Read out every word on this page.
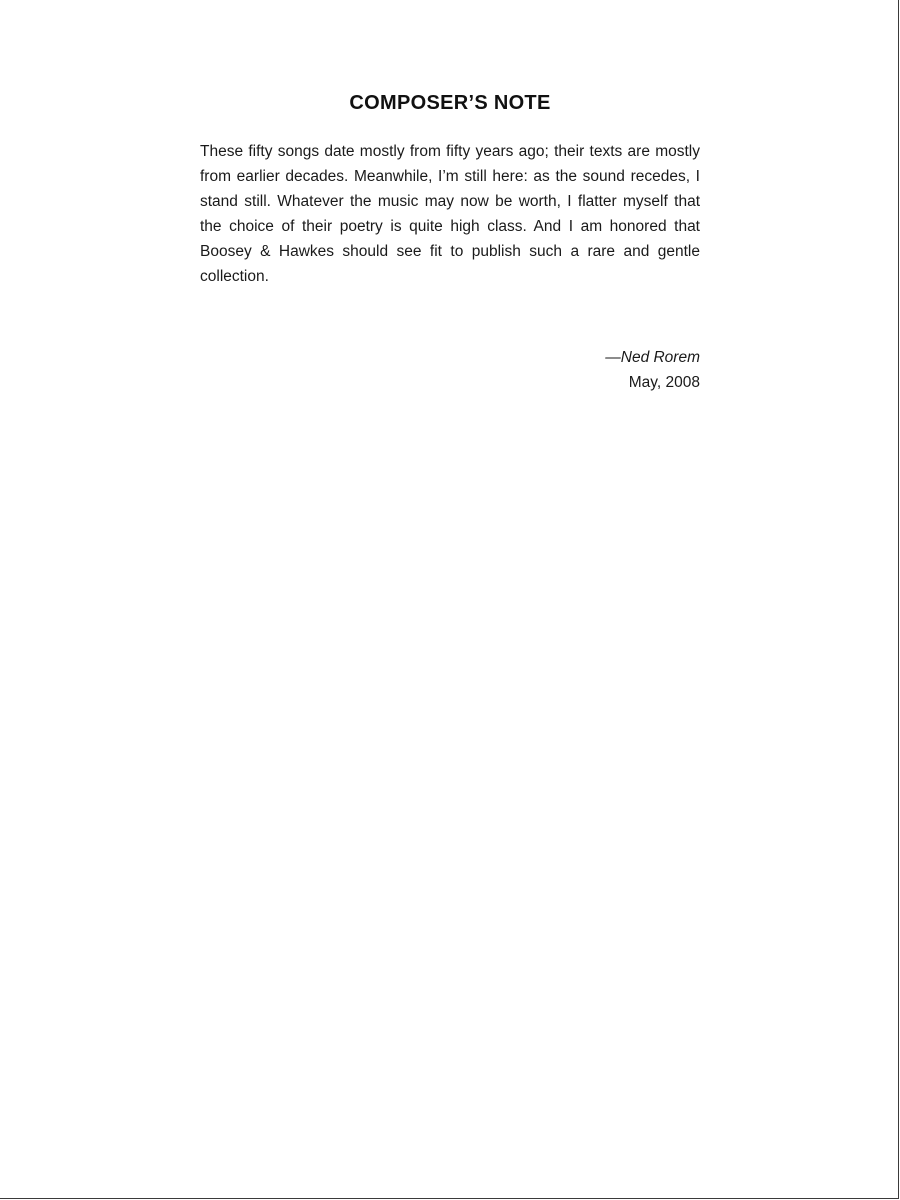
COMPOSER’S NOTE

These fifty songs date mostly from fifty years ago; their texts are mostly from earlier decades. Meanwhile, I’m still here: as the sound recedes, I stand still. Whatever the music may now be worth, I flatter myself that the choice of their poetry is quite high class. And I am honored that Boosey & Hawkes should see fit to publish such a rare and gentle collection.

—Ned Rorem
May, 2008
